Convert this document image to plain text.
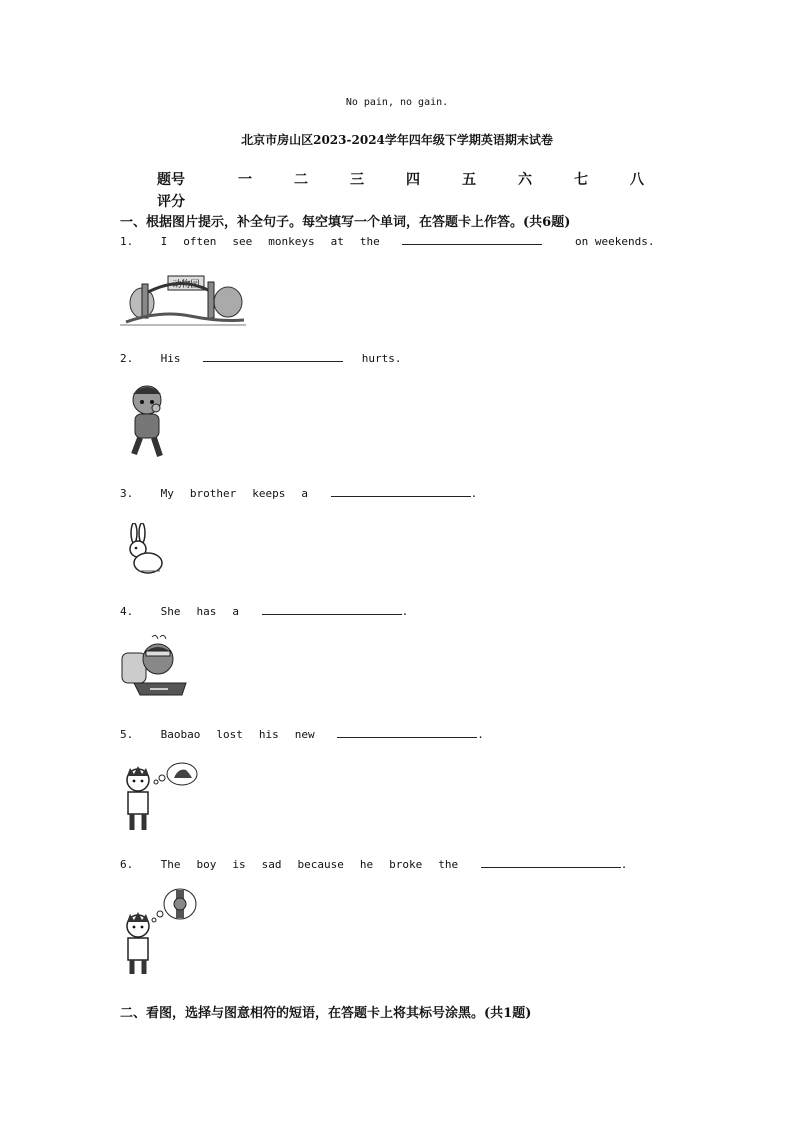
No pain, no gain.
北京市房山区2023-2024学年四年级下学期英语期末试卷
题号	一	二	三	四	五	六	七	八
评分
一、根据图片提示，补全句子。每空填写一个单词，在答题卡上作答。(共6题)
1. I often see monkeys at the	on weekends.
动物园
2. His	hurts.
3. My brother keeps a	.
4. She has a	.
5. Baobao lost his new	.
6. The boy is sad because he broke the	.
二、看图，选择与图意相符的短语，在答题卡上将其标号涂黑。(共1题)
